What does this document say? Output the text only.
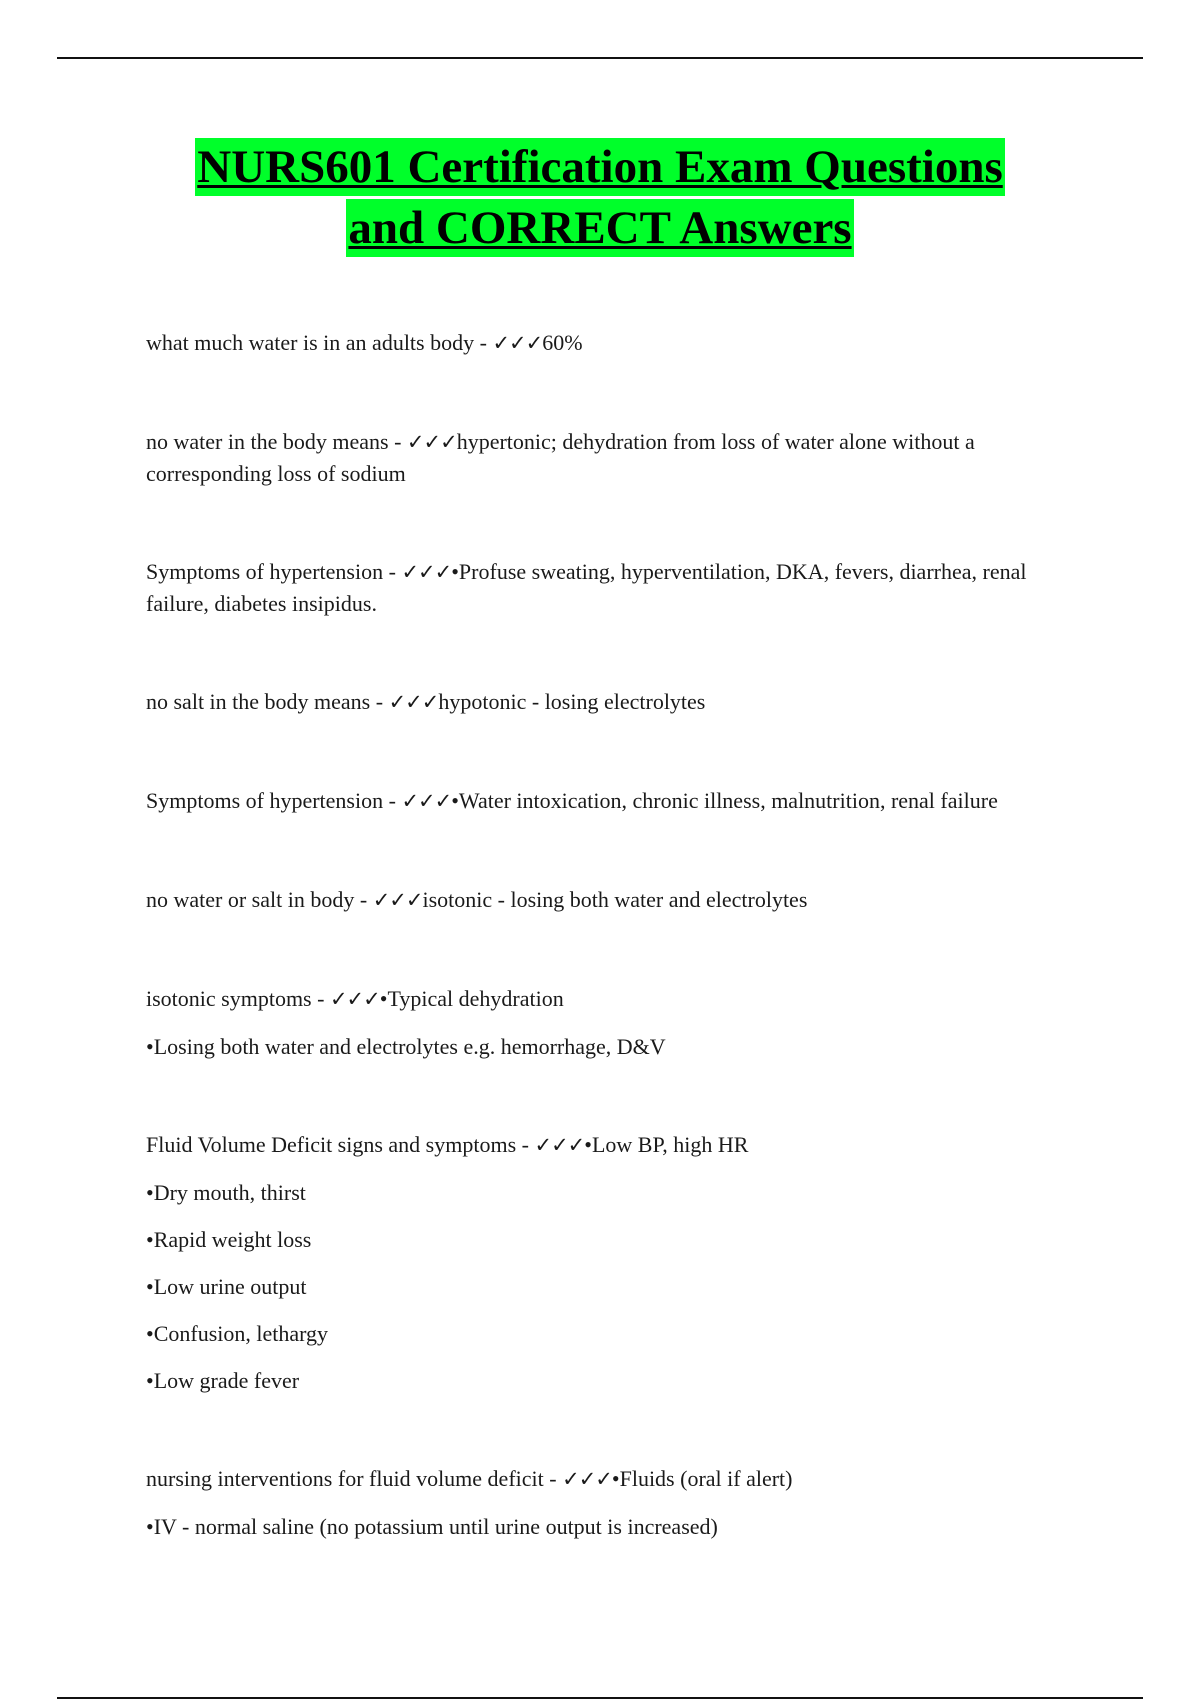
NURS601 Certification Exam Questions
and CORRECT Answers

what much water is in an adults body - ✓✓✓60%

no water in the body means - ✓✓✓hypertonic; dehydration from loss of water alone without a corresponding loss of sodium

Symptoms of hypertension - ✓✓✓•Profuse sweating, hyperventilation, DKA, fevers, diarrhea, renal failure, diabetes insipidus.

no salt in the body means - ✓✓✓hypotonic - losing electrolytes

Symptoms of hypertension - ✓✓✓•Water intoxication, chronic illness, malnutrition, renal failure

no water or salt in body - ✓✓✓isotonic - losing both water and electrolytes

isotonic symptoms - ✓✓✓•Typical dehydration

•Losing both water and electrolytes e.g. hemorrhage, D&V

Fluid Volume Deficit signs and symptoms - ✓✓✓•Low BP, high HR

•Dry mouth, thirst

•Rapid weight loss

•Low urine output

•Confusion, lethargy

•Low grade fever

nursing interventions for fluid volume deficit - ✓✓✓•Fluids (oral if alert)

•IV - normal saline (no potassium until urine output is increased)
